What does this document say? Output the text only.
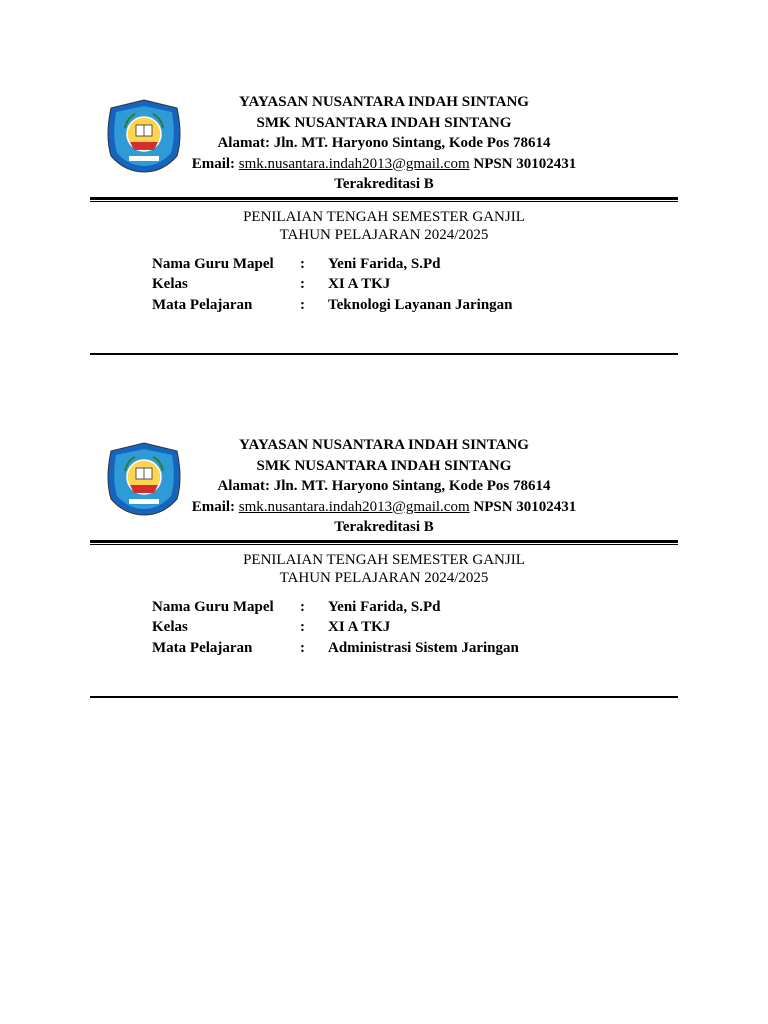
YAYASAN NUSANTARA INDAH SINTANG
SMK NUSANTARA INDAH SINTANG
Alamat: Jln. MT. Haryono Sintang, Kode Pos 78614
Email: smk.nusantara.indah2013@gmail.com NPSN 30102431
Terakreditasi B
PENILAIAN TENGAH SEMESTER GANJIL
TAHUN PELAJARAN 2024/2025
Nama Guru Mapel	:	Yeni Farida, S.Pd
Kelas	:	XI A TKJ
Mata Pelajaran	:	Teknologi Layanan Jaringan
YAYASAN NUSANTARA INDAH SINTANG
SMK NUSANTARA INDAH SINTANG
Alamat: Jln. MT. Haryono Sintang, Kode Pos 78614
Email: smk.nusantara.indah2013@gmail.com NPSN 30102431
Terakreditasi B
PENILAIAN TENGAH SEMESTER GANJIL
TAHUN PELAJARAN 2024/2025
Nama Guru Mapel	:	Yeni Farida, S.Pd
Kelas	:	XI A TKJ
Mata Pelajaran	:	Administrasi Sistem Jaringan
